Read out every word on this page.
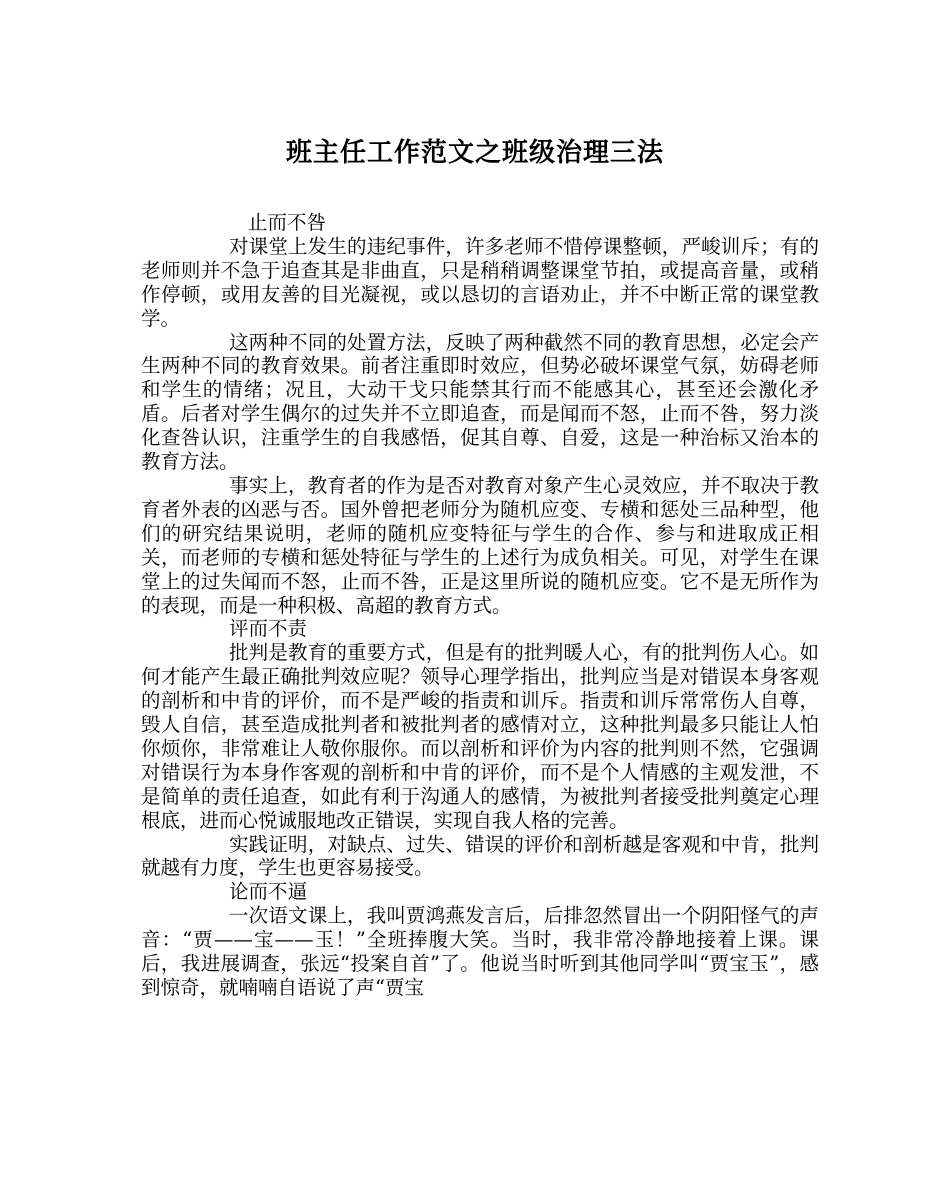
班主任工作范文之班级治理三法

止而不咎

对课堂上发生的违纪事件，许多老师不惜停课整顿，严峻训斥；有的老师则并不急于追查其是非曲直，只是稍稍调整课堂节拍，或提高音量，或稍作停顿，或用友善的目光凝视，或以恳切的言语劝止，并不中断正常的课堂教学。

这两种不同的处置方法，反映了两种截然不同的教育思想，必定会产生两种不同的教育效果。前者注重即时效应，但势必破坏课堂气氛，妨碍老师和学生的情绪；况且，大动干戈只能禁其行而不能感其心，甚至还会激化矛盾。后者对学生偶尔的过失并不立即追查，而是闻而不怒，止而不咎，努力淡化查咎认识，注重学生的自我感悟，促其自尊、自爱，这是一种治标又治本的教育方法。

事实上，教育者的作为是否对教育对象产生心灵效应，并不取决于教育者外表的凶恶与否。国外曾把老师分为随机应变、专横和惩处三品种型，他们的研究结果说明，老师的随机应变特征与学生的合作、参与和进取成正相关，而老师的专横和惩处特征与学生的上述行为成负相关。可见，对学生在课堂上的过失闻而不怒，止而不咎，正是这里所说的随机应变。它不是无所作为的表现，而是一种积极、高超的教育方式。

评而不责

批判是教育的重要方式，但是有的批判暖人心，有的批判伤人心。如何才能产生最正确批判效应呢？领导心理学指出，批判应当是对错误本身客观的剖析和中肯的评价，而不是严峻的指责和训斥。指责和训斥常常伤人自尊，毁人自信，甚至造成批判者和被批判者的感情对立，这种批判最多只能让人怕你烦你，非常难让人敬你服你。而以剖析和评价为内容的批判则不然，它强调对错误行为本身作客观的剖析和中肯的评价，而不是个人情感的主观发泄，不是简单的责任追查，如此有利于沟通人的感情，为被批判者接受批判奠定心理根底，进而心悦诚服地改正错误，实现自我人格的完善。

实践证明，对缺点、过失、错误的评价和剖析越是客观和中肯，批判就越有力度，学生也更容易接受。

论而不逼

一次语文课上，我叫贾鸿燕发言后，后排忽然冒出一个阴阳怪气的声音：“贾——宝——玉！”全班捧腹大笑。当时，我非常冷静地接着上课。课后，我进展调查，张远“投案自首”了。他说当时听到其他同学叫“贾宝玉”，感到惊奇，就喃喃自语说了声“贾宝
